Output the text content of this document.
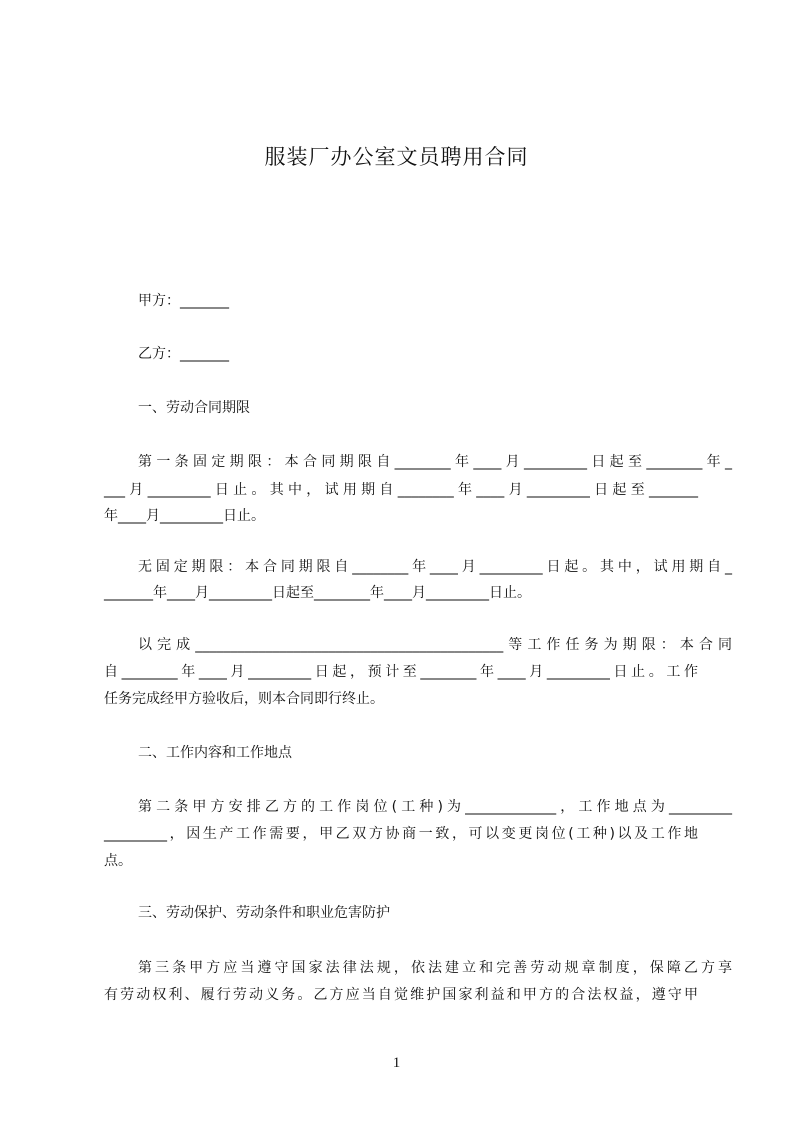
服装厂办公室文员聘用合同

甲方：_______

乙方：_______

一、劳动合同期限

第一条固定期限：本合同期限自________年____月_________日起至________年_

___月_________日止。其中，试用期自________年____月_________日起至_______

年____月_________日止。

无固定期限：本合同期限自________年____月_________日起。其中，试用期自_

_______年____月_________日起至________年____月_________日止。

以完成____________________________________________等工作任务为期限：本合同

自________年____月_________日起，预计至________年____月_________日止。工作

任务完成经甲方验收后，则本合同即行终止。

二、工作内容和工作地点

第二条甲方安排乙方的工作岗位(工种)为_____________，工作地点为_________

_________，因生产工作需要，甲乙双方协商一致，可以变更岗位(工种)以及工作地

点。

三、劳动保护、劳动条件和职业危害防护

第三条甲方应当遵守国家法律法规，依法建立和完善劳动规章制度，保障乙方享

有劳动权利、履行劳动义务。乙方应当自觉维护国家利益和甲方的合法权益，遵守甲

1
